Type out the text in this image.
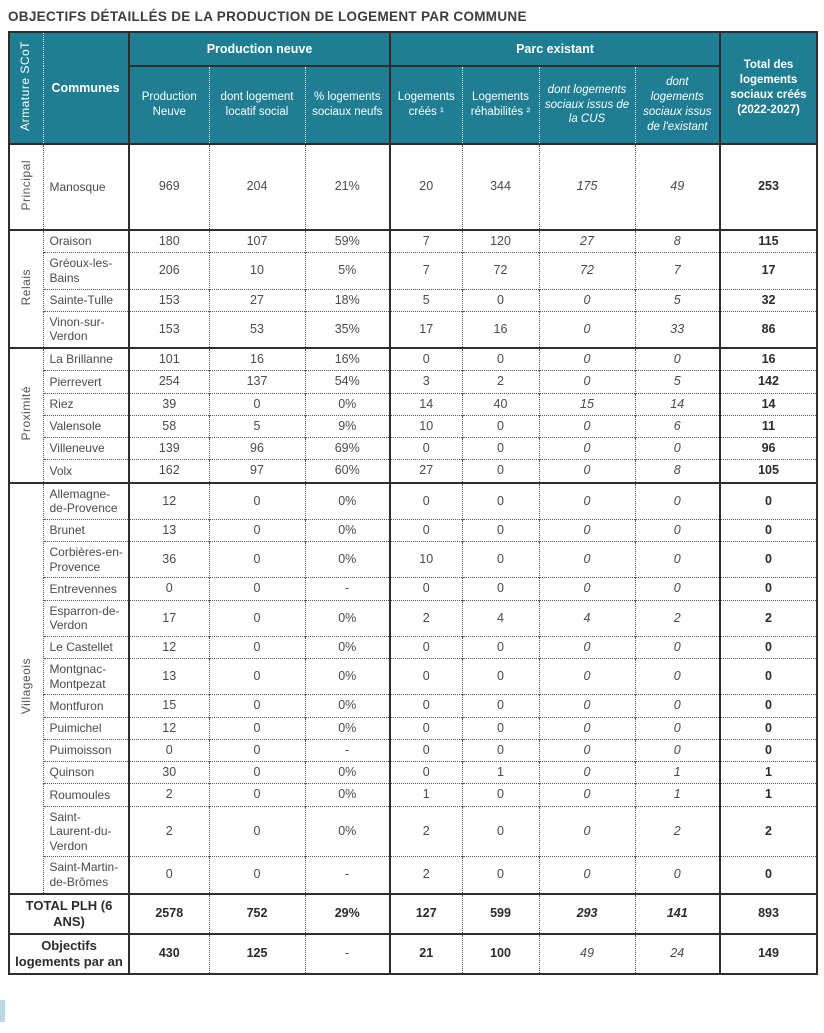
OBJECTIFS DÉTAILLÉS DE LA PRODUCTION DE LOGEMENT PAR COMMUNE
Armature SCoT	Communes	Production neuve			Parc existant				Total des logements sociaux créés (2022-2027)
		Production Neuve	dont logement locatif social	% logements sociaux neufs	Logements créés ¹	Logements réhabilités ²	dont logements sociaux issus de la CUS	dont logements sociaux issus de l'existant	
Principal	Manosque	969	204	21%	20	344	175	49	253
Relais	Oraison	180	107	59%	7	120	27	8	115
	Gréoux-les-Bains	206	10	5%	7	72	72	7	17
	Sainte-Tulle	153	27	18%	5	0	0	5	32
	Vinon-sur-Verdon	153	53	35%	17	16	0	33	86
Proximité	La Brillanne	101	16	16%	0	0	0	0	16
	Pierrevert	254	137	54%	3	2	0	5	142
	Riez	39	0	0%	14	40	15	14	14
	Valensole	58	5	9%	10	0	0	6	11
	Villeneuve	139	96	69%	0	0	0	0	96
	Volx	162	97	60%	27	0	0	8	105
Villageois	Allemagne-de-Provence	12	0	0%	0	0	0	0	0
	Brunet	13	0	0%	0	0	0	0	0
	Corbières-en-Provence	36	0	0%	10	0	0	0	0
	Entrevennes	0	0	-	0	0	0	0	0
	Esparron-de-Verdon	17	0	0%	2	4	4	2	2
	Le Castellet	12	0	0%	0	0	0	0	0
	Montgnac-Montpezat	13	0	0%	0	0	0	0	0
	Montfuron	15	0	0%	0	0	0	0	0
	Puimichel	12	0	0%	0	0	0	0	0
	Puimoisson	0	0	-	0	0	0	0	0
	Quinson	30	0	0%	0	1	0	1	1
	Roumoules	2	0	0%	1	0	0	1	1
	Saint-Laurent-du-Verdon	2	0	0%	2	0	0	2	2
	Saint-Martin-de-Brômes	0	0	-	2	0	0	0	0
TOTAL PLH (6 ANS)		2578	752	29%	127	599	293	141	893
Objectifs logements par an		430	125	-	21	100	49	24	149
